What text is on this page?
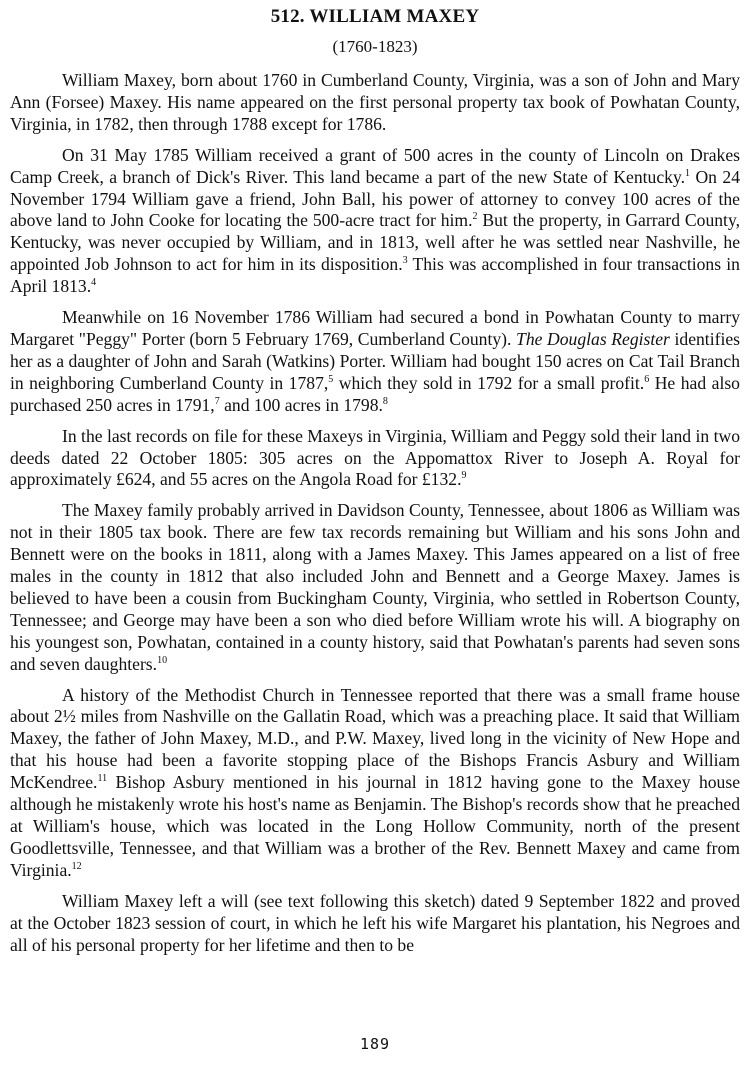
512. WILLIAM MAXEY
(1760-1823)

William Maxey, born about 1760 in Cumberland County, Virginia, was a son of John and Mary Ann (Forsee) Maxey. His name appeared on the first personal property tax book of Powhatan County, Virginia, in 1782, then through 1788 except for 1786.

On 31 May 1785 William received a grant of 500 acres in the county of Lincoln on Drakes Camp Creek, a branch of Dick's River. This land became a part of the new State of Kentucky.$^1$ On 24 November 1794 William gave a friend, John Ball, his power of attorney to convey 100 acres of the above land to John Cooke for locating the 500-acre tract for him.$^2$ But the property, in Garrard County, Kentucky, was never occupied by William, and in 1813, well after he was settled near Nashville, he appointed Job Johnson to act for him in its disposition.$^3$ This was accomplished in four transactions in April 1813.$^4$

Meanwhile on 16 November 1786 William had secured a bond in Powhatan County to marry Margaret "Peggy" Porter (born 5 February 1769, Cumberland County). The Douglas Register identifies her as a daughter of John and Sarah (Watkins) Porter. William had bought 150 acres on Cat Tail Branch in neighboring Cumberland County in 1787,$^5$ which they sold in 1792 for a small profit.$^6$ He had also purchased 250 acres in 1791,$^7$ and 100 acres in 1798.$^8$

In the last records on file for these Maxeys in Virginia, William and Peggy sold their land in two deeds dated 22 October 1805: 305 acres on the Appomattox River to Joseph A. Royal for approximately £624, and 55 acres on the Angola Road for £132.$^9$

The Maxey family probably arrived in Davidson County, Tennessee, about 1806 as William was not in their 1805 tax book. There are few tax records remaining but William and his sons John and Bennett were on the books in 1811, along with a James Maxey. This James appeared on a list of free males in the county in 1812 that also included John and Bennett and a George Maxey. James is believed to have been a cousin from Buckingham County, Virginia, who settled in Robertson County, Tennessee; and George may have been a son who died before William wrote his will. A biography on his youngest son, Powhatan, contained in a county history, said that Powhatan's parents had seven sons and seven daughters.$^{10}$

A history of the Methodist Church in Tennessee reported that there was a small frame house about 2½ miles from Nashville on the Gallatin Road, which was a preaching place. It said that William Maxey, the father of John Maxey, M.D., and P.W. Maxey, lived long in the vicinity of New Hope and that his house had been a favorite stopping place of the Bishops Francis Asbury and William McKendree.$^{11}$ Bishop Asbury mentioned in his journal in 1812 having gone to the Maxey house although he mistakenly wrote his host's name as Benjamin. The Bishop's records show that he preached at William's house, which was located in the Long Hollow Community, north of the present Goodlettsville, Tennessee, and that William was a brother of the Rev. Bennett Maxey and came from Virginia.$^{12}$

William Maxey left a will (see text following this sketch) dated 9 September 1822 and proved at the October 1823 session of court, in which he left his wife Margaret his plantation, his Negroes and all of his personal property for her lifetime and then to be

189
